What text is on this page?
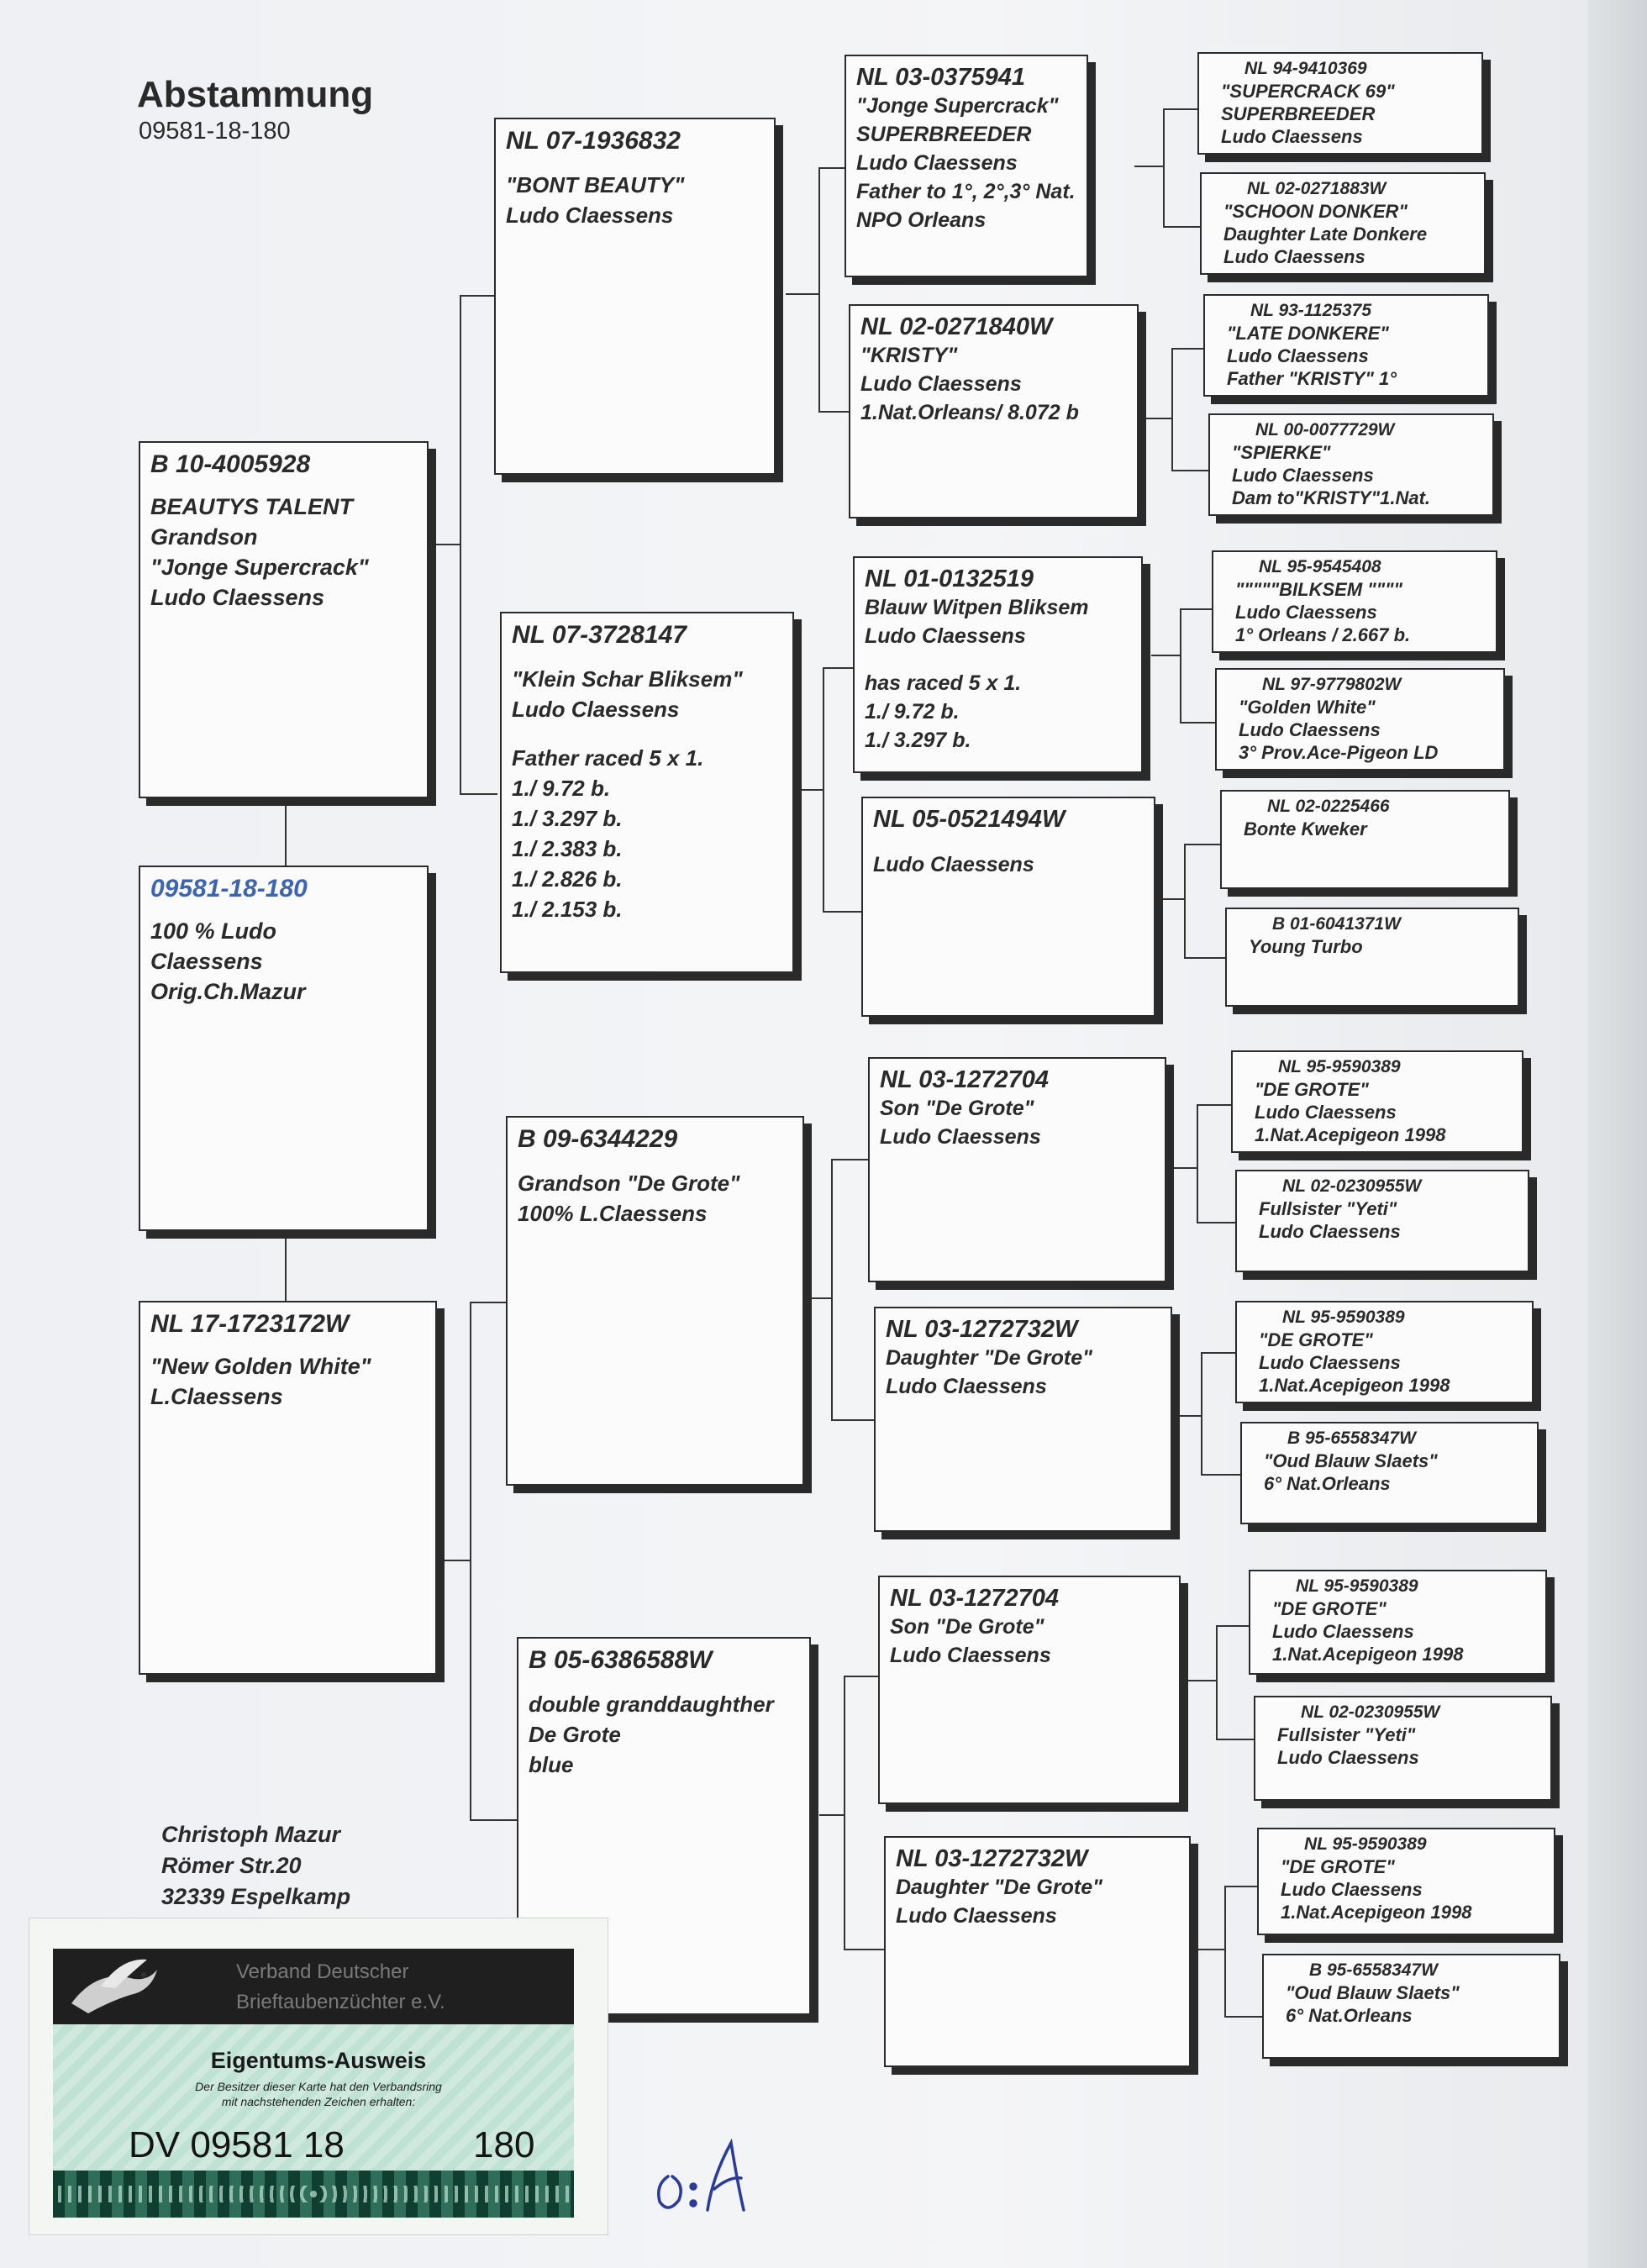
Abstammung
09581-18-180
B 10-4005928
BEAUTYS TALENT
Grandson
"Jonge Supercrack"
Ludo Claessens
09581-18-180
100 % Ludo
Claessens
Orig.Ch.Mazur
NL 17-1723172W
"New Golden White"
L.Claessens
NL 07-1936832
"BONT BEAUTY"
Ludo Claessens
NL 07-3728147
"Klein Schar Bliksem"
Ludo Claessens
Father raced 5 x 1.
1./ 9.72 b.
1./ 3.297 b.
1./ 2.383 b.
1./ 2.826 b.
1./ 2.153 b.
B 09-6344229
Grandson "De Grote"
100% L.Claessens
B 05-6386588W
double granddaughther
De Grote
blue
NL 03-0375941
"Jonge Supercrack"
SUPERBREEDER
Ludo Claessens
Father to 1°, 2°,3° Nat.
NPO Orleans
NL 02-0271840W
"KRISTY"
Ludo Claessens
1.Nat.Orleans/ 8.072 b
NL 01-0132519
Blauw Witpen Bliksem
Ludo Claessens
has raced 5 x 1.
1./ 9.72 b.
1./ 3.297 b.
NL 05-0521494W
Ludo Claessens
NL 03-1272704
Son "De Grote"
Ludo Claessens
NL 03-1272732W
Daughter "De Grote"
Ludo Claessens
NL 03-1272704
Son "De Grote"
Ludo Claessens
NL 03-1272732W
Daughter "De Grote"
Ludo Claessens
NL 94-9410369
"SUPERCRACK 69"
SUPERBREEDER
Ludo Claessens
NL 02-0271883W
"SCHOON DONKER"
Daughter Late Donkere
Ludo Claessens
NL 93-1125375
"LATE DONKERE"
Ludo Claessens
Father "KRISTY" 1°
NL 00-0077729W
"SPIERKE"
Ludo Claessens
Dam to"KRISTY"1.Nat.
NL 95-9545408
"""""BILKSEM """"
Ludo Claessens
1° Orleans / 2.667 b.
NL 97-9779802W
"Golden White"
Ludo Claessens
3° Prov.Ace-Pigeon LD
NL 02-0225466
Bonte Kweker
B 01-6041371W
Young Turbo
NL 95-9590389
"DE GROTE"
Ludo Claessens
1.Nat.Acepigeon 1998
NL 02-0230955W
Fullsister "Yeti"
Ludo Claessens
NL 95-9590389
"DE GROTE"
Ludo Claessens
1.Nat.Acepigeon 1998
B 95-6558347W
"Oud Blauw Slaets"
6° Nat.Orleans
NL 95-9590389
"DE GROTE"
Ludo Claessens
1.Nat.Acepigeon 1998
NL 02-0230955W
Fullsister "Yeti"
Ludo Claessens
NL 95-9590389
"DE GROTE"
Ludo Claessens
1.Nat.Acepigeon 1998
B 95-6558347W
"Oud Blauw Slaets"
6° Nat.Orleans
Christoph Mazur
Römer Str.20
32339 Espelkamp
Verband Deutscher
Brieftaubenzüchter e.V.
Eigentums-Ausweis
Der Besitzer dieser Karte hat den Verbandsring
mit nachstehenden Zeichen erhalten:
DV 09581 18	180
